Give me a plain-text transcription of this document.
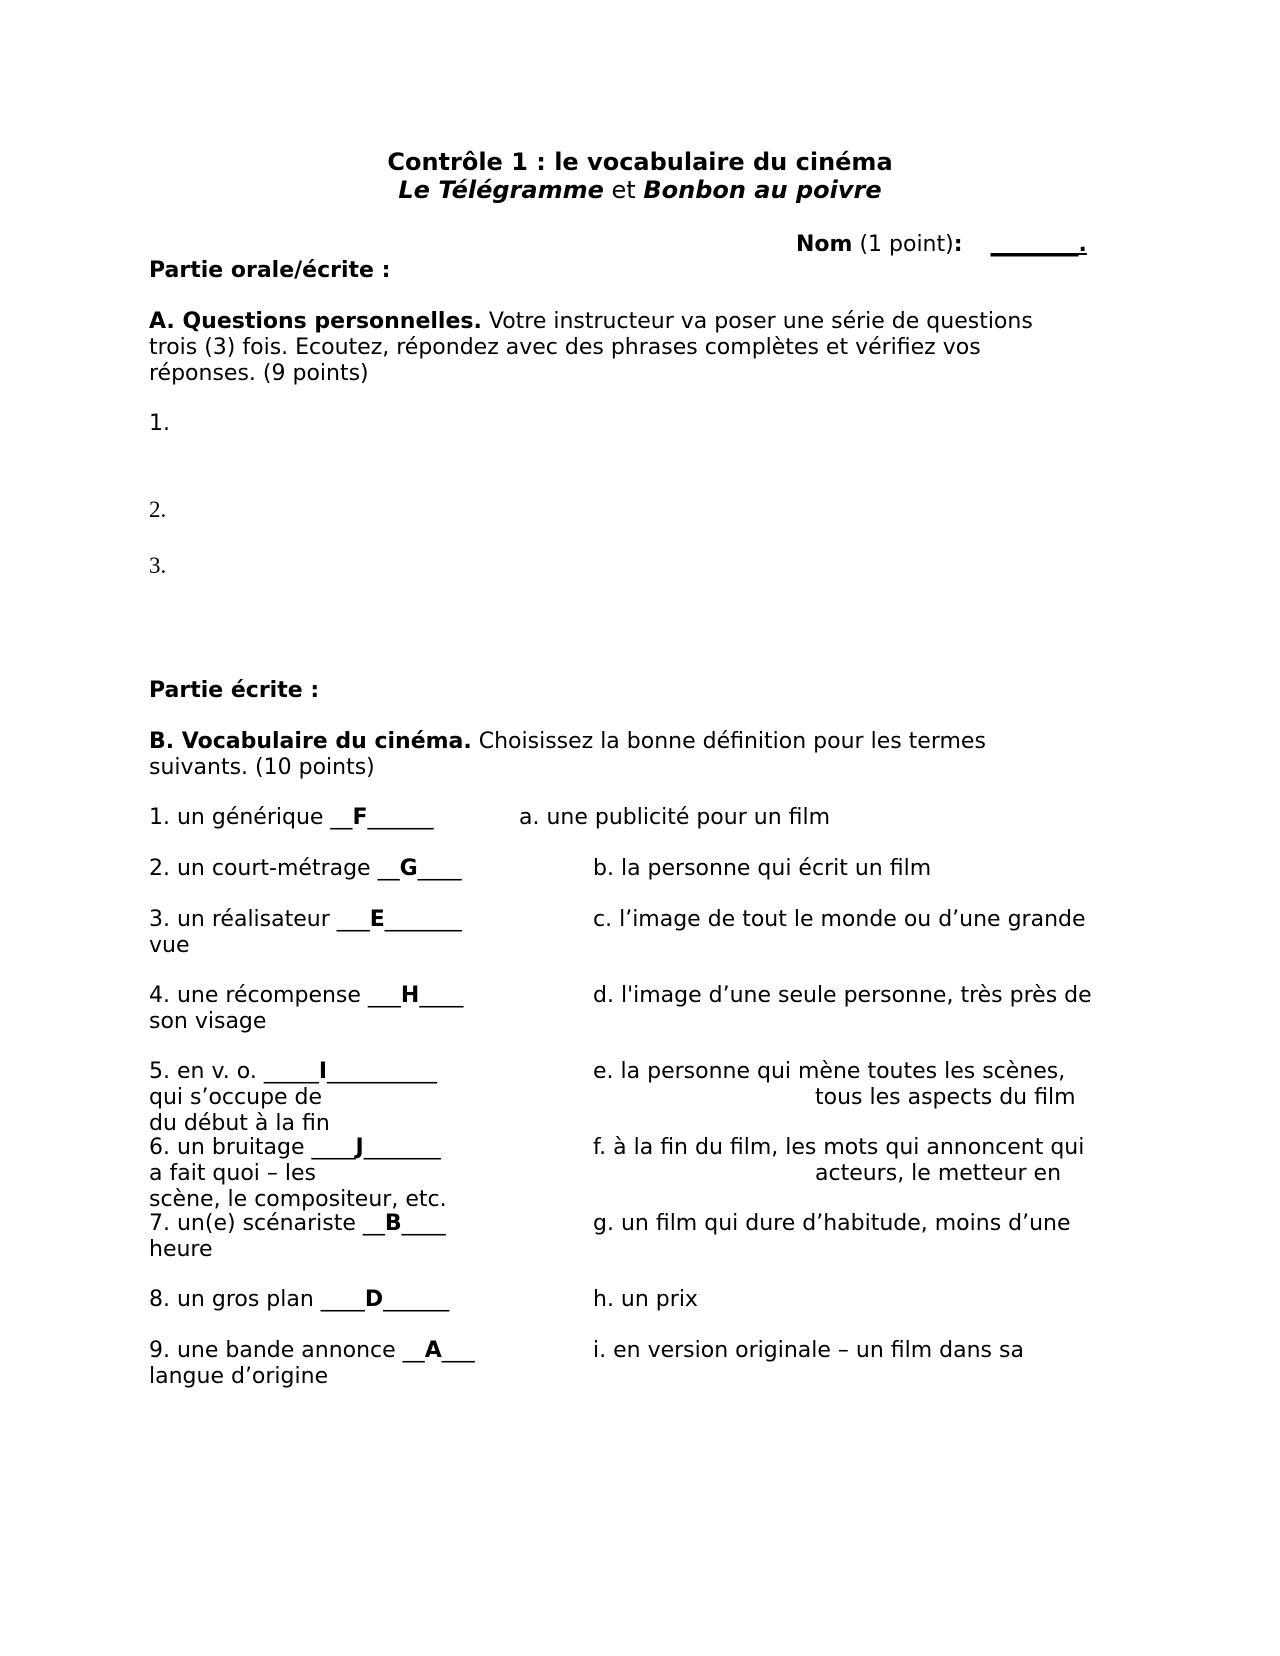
Contrôle 1 : le vocabulaire du cinéma
Le Télégramme et Bonbon au poivre
Nom (1 point): ________.
Partie orale/écrite :
A. Questions personnelles. Votre instructeur va poser une série de questions
trois (3) fois. Ecoutez, répondez avec des phrases complètes et vérifiez vos
réponses. (9 points)
1.
2.
3.
Partie écrite :
B. Vocabulaire du cinéma. Choisissez la bonne définition pour les termes
suivants. (10 points)
1. un générique __F______
2. un court-métrage __G____
3. un réalisateur ___E_______
vue
4. une récompense ___H____
son visage
5. en v. o. _____I__________
qui s’occupe de
du début à la fin
6. un bruitage ____J_______
a fait quoi – les
scène, le compositeur, etc.
7. un(e) scénariste __B____
heure
8. un gros plan ____D______
9. une bande annonce __A___
langue d’origine
a. une publicité pour un film
b. la personne qui écrit un film
c. l’image de tout le monde ou d’une grande
d. l'image d’une seule personne, très près de
e. la personne qui mène toutes les scènes,
tous les aspects du film
f. à la fin du film, les mots qui annoncent qui
acteurs, le metteur en
g. un film qui dure d’habitude, moins d’une
h. un prix
i. en version originale – un film dans sa
